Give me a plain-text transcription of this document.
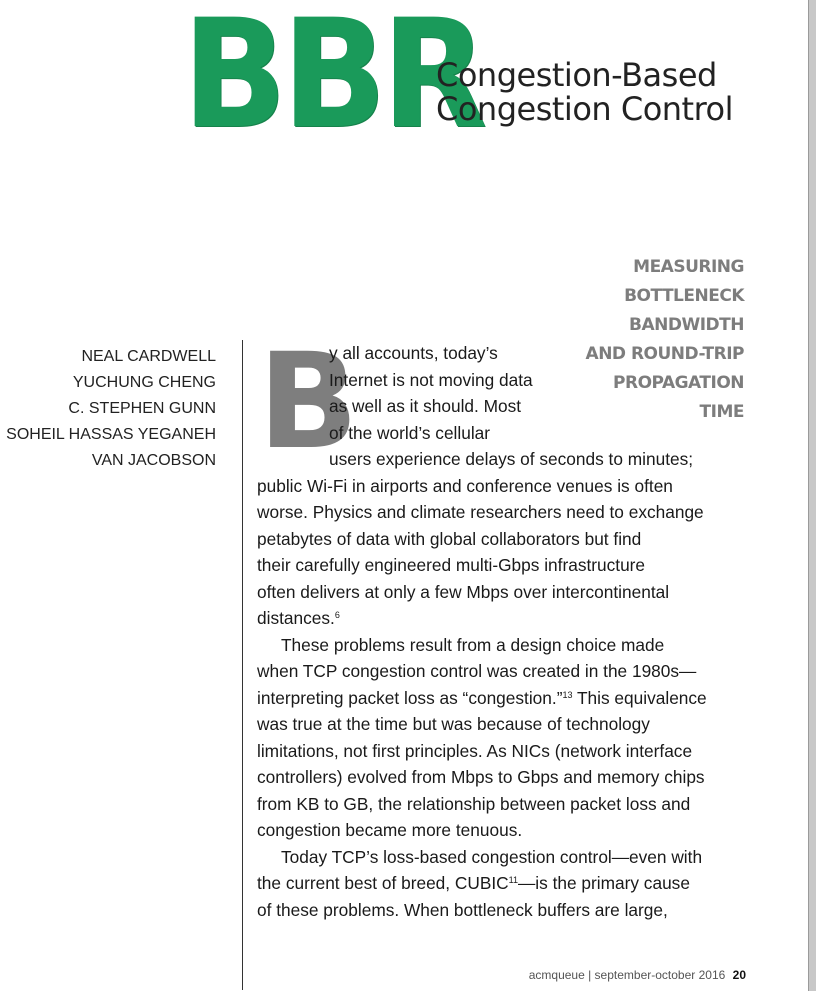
BBR
Congestion-Based
Congestion Control
MEASURING
BOTTLENECK
BANDWIDTH
AND ROUND-TRIP
PROPAGATION
TIME
NEAL CARDWELL
YUCHUNG CHENG
C. STEPHEN GUNN
SOHEIL HASSAS YEGANEH
VAN JACOBSON B
y all accounts, today’s
Internet is not moving data
as well as it should. Most
of the world’s cellular
users experience delays of seconds to minutes;
public Wi-Fi in airports and conference venues is often
worse. Physics and climate researchers need to exchange
petabytes of data with global collaborators but find
their carefully engineered multi-Gbps infrastructure
often delivers at only a few Mbps over intercontinental
distances.$^6$
These problems result from a design choice made
when TCP congestion control was created in the 1980s—
interpreting packet loss as “congestion.”$^{13}$ This equivalence
was true at the time but was because of technology
limitations, not first principles. As NICs (network interface
controllers) evolved from Mbps to Gbps and memory chips
from KB to GB, the relationship between packet loss and
congestion became more tenuous.
Today TCP’s loss-based congestion control—even with
the current best of breed, CUBIC$^{11}$—is the primary cause
of these problems. When bottleneck buffers are large,
acmqueue | september-october 2016 20
